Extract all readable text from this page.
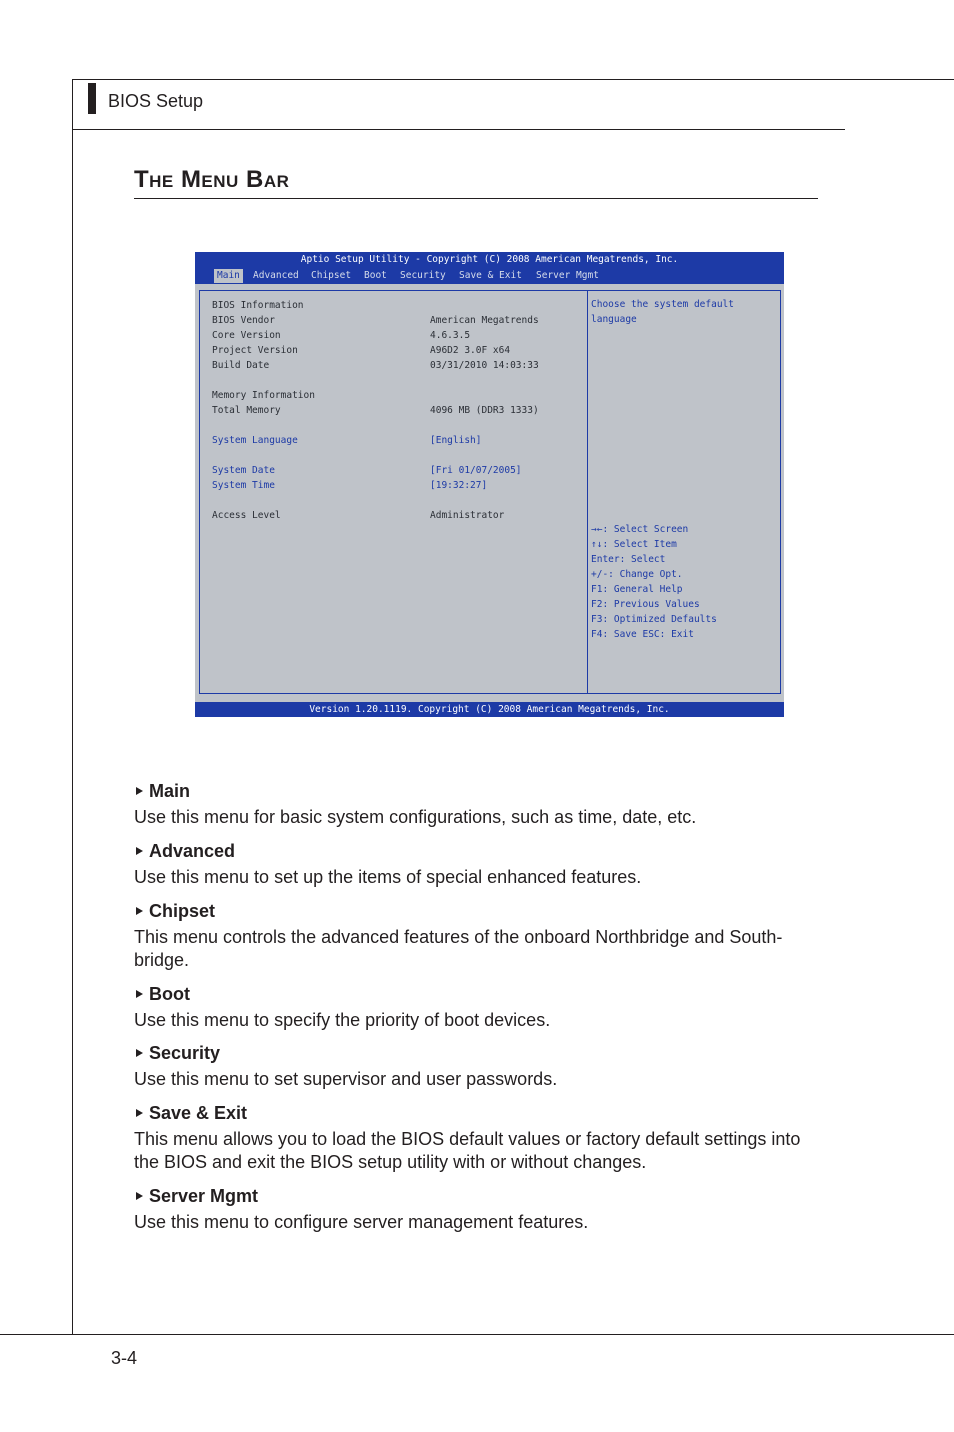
BIOS Setup
The Menu Bar
Aptio Setup Utility - Copyright (C) 2008 American Megatrends, Inc.
Main	Advanced	Chipset	Boot	Security	Save & Exit	Server Mgmt
BIOS Information
BIOS Vendor	American Megatrends
Core Version	4.6.3.5
Project Version	A96D2 3.0F x64
Build Date	03/31/2010 14:03:33
Memory Information
Total Memory	4096 MB (DDR3 1333)
System Language	[English]
System Date	[Fri 01/07/2005]
System Time	[19:32:27]
Access Level	Administrator
Choose the system default
language
→←: Select Screen
↑↓: Select Item
Enter: Select
+/-: Change Opt.
F1: General Help
F2: Previous Values
F3: Optimized Defaults
F4: Save ESC: Exit
Version 1.20.1119. Copyright (C) 2008 American Megatrends, Inc.
Main
Use this menu for basic system configurations, such as time, date, etc.
Advanced
Use this menu to set up the items of special enhanced features.
Chipset
This menu controls the advanced features of the onboard Northbridge and South-bridge.
Boot
Use this menu to specify the priority of boot devices.
Security
Use this menu to set supervisor and user passwords.
Save & Exit
This menu allows you to load the BIOS default values or factory default settings into the BIOS and exit the BIOS setup utility with or without changes.
Server Mgmt
Use this menu to configure server management features.
3-4
